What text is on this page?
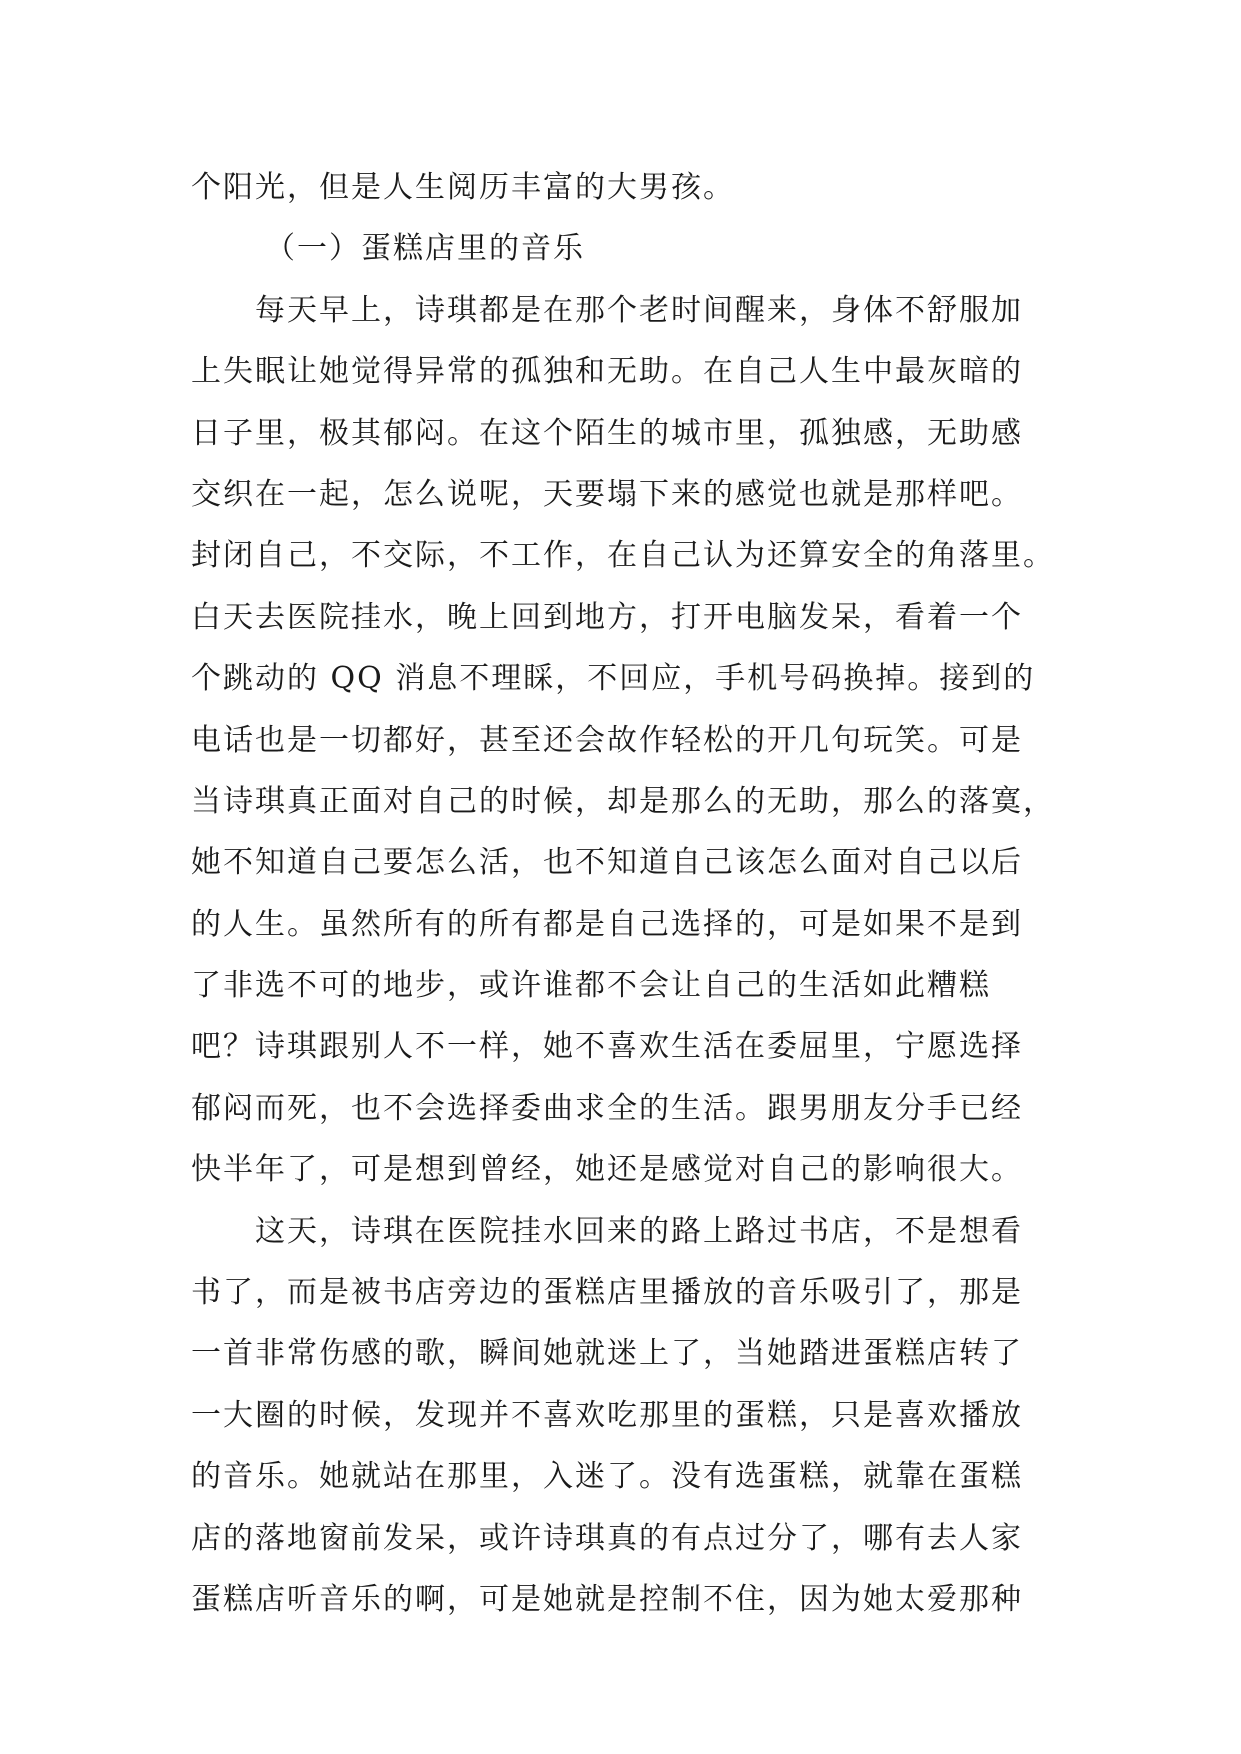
个阳光，但是人生阅历丰富的大男孩。
（一）蛋糕店里的音乐
每天早上，诗琪都是在那个老时间醒来，身体不舒服加
上失眠让她觉得异常的孤独和无助。在自己人生中最灰暗的
日子里，极其郁闷。在这个陌生的城市里，孤独感，无助感
交织在一起，怎么说呢，天要塌下来的感觉也就是那样吧。
封闭自己，不交际，不工作，在自己认为还算安全的角落里。
白天去医院挂水，晚上回到地方，打开电脑发呆，看着一个
个跳动的 QQ 消息不理睬，不回应，手机号码换掉。接到的
电话也是一切都好，甚至还会故作轻松的开几句玩笑。可是
当诗琪真正面对自己的时候，却是那么的无助，那么的落寞，
她不知道自己要怎么活，也不知道自己该怎么面对自己以后
的人生。虽然所有的所有都是自己选择的，可是如果不是到
了非选不可的地步，或许谁都不会让自己的生活如此糟糕
吧？诗琪跟别人不一样，她不喜欢生活在委屈里，宁愿选择
郁闷而死，也不会选择委曲求全的生活。跟男朋友分手已经
快半年了，可是想到曾经，她还是感觉对自己的影响很大。
这天，诗琪在医院挂水回来的路上路过书店，不是想看
书了，而是被书店旁边的蛋糕店里播放的音乐吸引了，那是
一首非常伤感的歌，瞬间她就迷上了，当她踏进蛋糕店转了
一大圈的时候，发现并不喜欢吃那里的蛋糕，只是喜欢播放
的音乐。她就站在那里，入迷了。没有选蛋糕，就靠在蛋糕
店的落地窗前发呆，或许诗琪真的有点过分了，哪有去人家
蛋糕店听音乐的啊，可是她就是控制不住，因为她太爱那种
